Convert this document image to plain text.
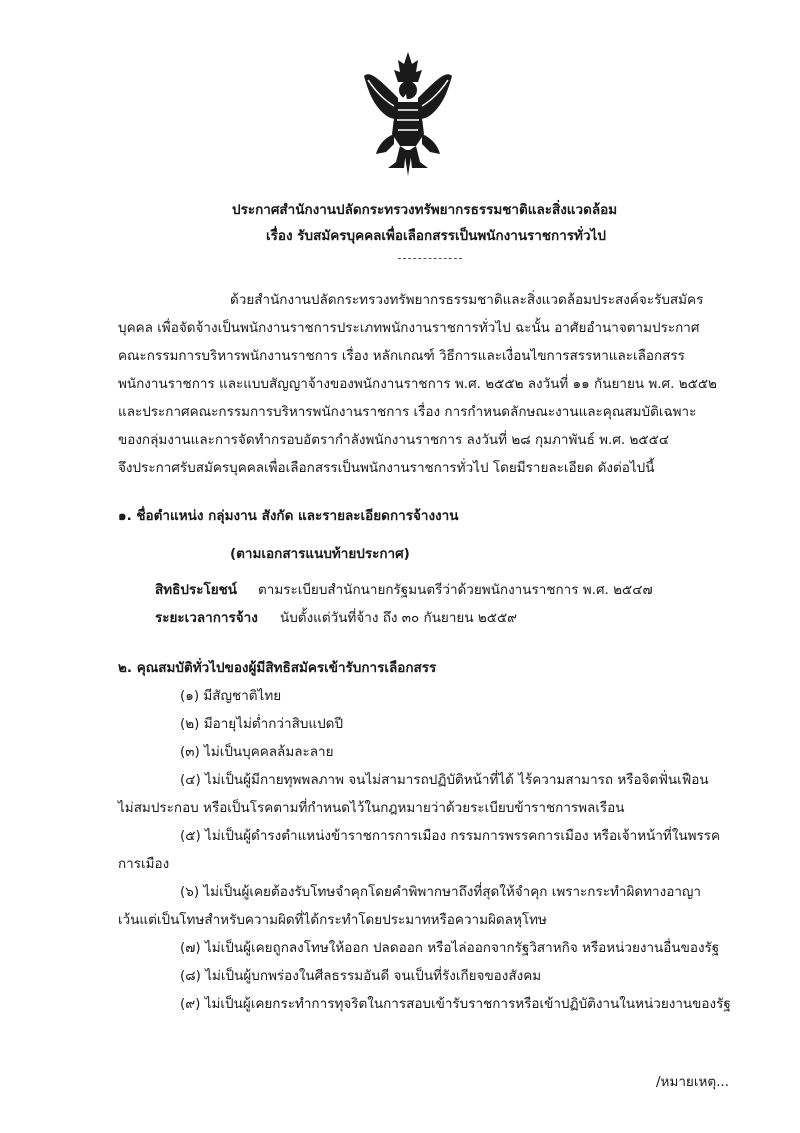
ประกาศสำนักงานปลัดกระทรวงทรัพยากรธรรมชาติและสิ่งแวดล้อม
เรื่อง รับสมัครบุคคลเพื่อเลือกสรรเป็นพนักงานราชการทั่วไป
ด้วยสำนักงานปลัดกระทรวงทรัพยากรธรรมชาติและสิ่งแวดล้อมประสงค์จะรับสมัคร
บุคคล เพื่อจัดจ้างเป็นพนักงานราชการประเภทพนักงานราชการทั่วไป ฉะนั้น อาศัยอำนาจตามประกาศ
คณะกรรมการบริหารพนักงานราชการ เรื่อง หลักเกณฑ์ วิธีการและเงื่อนไขการสรรหาและเลือกสรร
พนักงานราชการ และแบบสัญญาจ้างของพนักงานราชการ พ.ศ. ๒๕๕๒ ลงวันที่ ๑๑ กันยายน พ.ศ. ๒๕๕๒
และประกาศคณะกรรมการบริหารพนักงานราชการ เรื่อง การกำหนดลักษณะงานและคุณสมบัติเฉพาะ
ของกลุ่มงานและการจัดทำกรอบอัตรากำลังพนักงานราชการ ลงวันที่ ๒๘ กุมภาพันธ์ พ.ศ. ๒๕๕๔
จึงประกาศรับสมัครบุคคลเพื่อเลือกสรรเป็นพนักงานราชการทั่วไป โดยมีรายละเอียด ดังต่อไปนี้
๑. ชื่อตำแหน่ง กลุ่มงาน สังกัด และรายละเอียดการจ้างงาน
(ตามเอกสารแนบท้ายประกาศ)
สิทธิประโยชน์ ตามระเบียบสำนักนายกรัฐมนตรีว่าด้วยพนักงานราชการ พ.ศ. ๒๕๔๗
ระยะเวลาการจ้าง นับตั้งแต่วันที่จ้าง ถึง ๓๐ กันยายน ๒๕๕๙
๒. คุณสมบัติทั่วไปของผู้มีสิทธิสมัครเข้ารับการเลือกสรร
(๑) มีสัญชาติไทย
(๒) มีอายุไม่ต่ำกว่าสิบแปดปี
(๓) ไม่เป็นบุคคลล้มละลาย
(๔) ไม่เป็นผู้มีกายทุพพลภาพ จนไม่สามารถปฏิบัติหน้าที่ได้ ไร้ความสามารถ หรือจิตฟั่นเฟือน
ไม่สมประกอบ หรือเป็นโรคตามที่กำหนดไว้ในกฎหมายว่าด้วยระเบียบข้าราชการพลเรือน
(๕) ไม่เป็นผู้ดำรงตำแหน่งข้าราชการการเมือง กรรมการพรรคการเมือง หรือเจ้าหน้าที่ในพรรค
การเมือง
(๖) ไม่เป็นผู้เคยต้องรับโทษจำคุกโดยคำพิพากษาถึงที่สุดให้จำคุก เพราะกระทำผิดทางอาญา
เว้นแต่เป็นโทษสำหรับความผิดที่ได้กระทำโดยประมาทหรือความผิดลหุโทษ
(๗) ไม่เป็นผู้เคยถูกลงโทษให้ออก ปลดออก หรือไล่ออกจากรัฐวิสาหกิจ หรือหน่วยงานอื่นของรัฐ
(๘) ไม่เป็นผู้บกพร่องในศีลธรรมอันดี จนเป็นที่รังเกียจของสังคม
(๙) ไม่เป็นผู้เคยกระทำการทุจริตในการสอบเข้ารับราชการหรือเข้าปฏิบัติงานในหน่วยงานของรัฐ
/หมายเหตุ...
